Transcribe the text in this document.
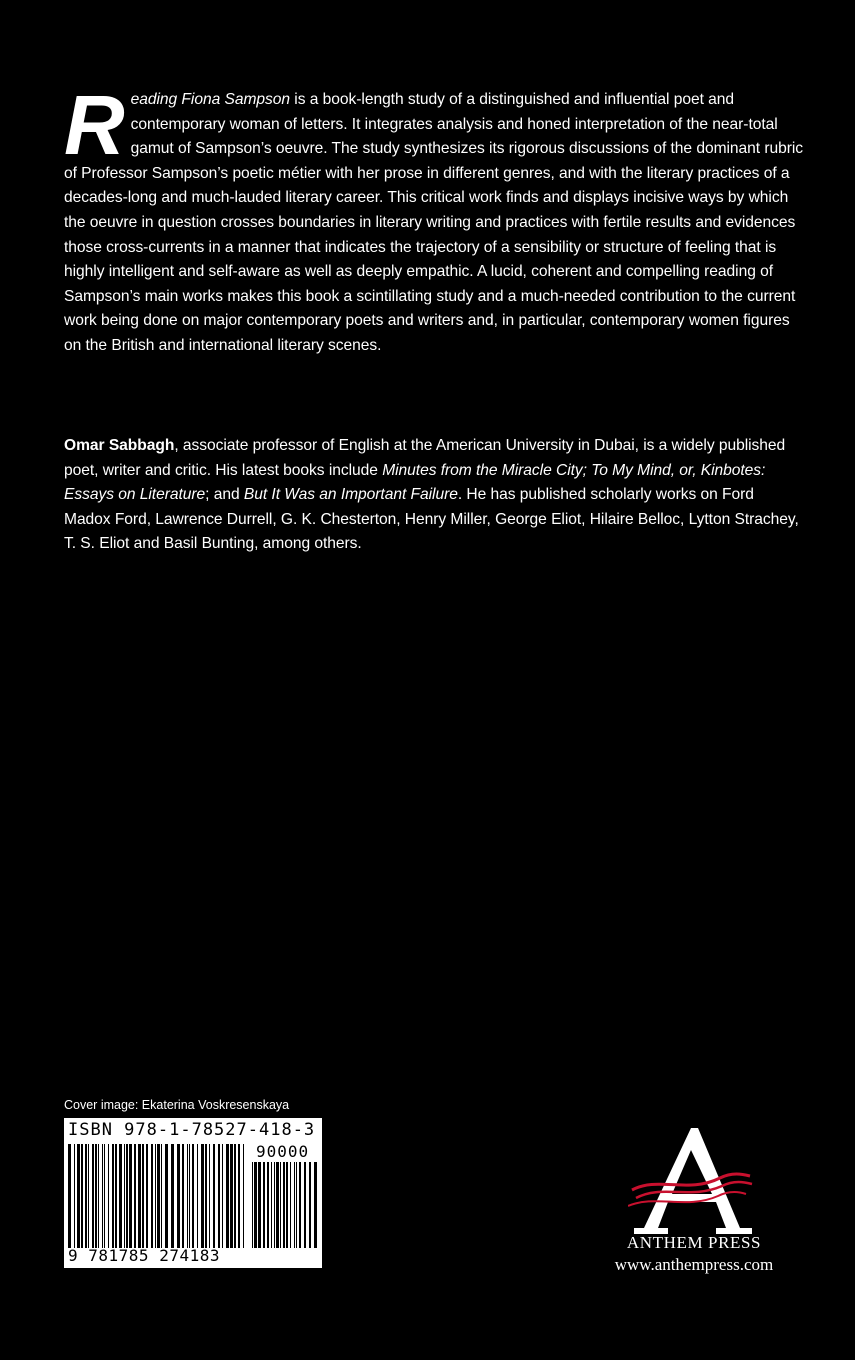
Reading Fiona Sampson is a book-length study of a distinguished and influential poet and contemporary woman of letters. It integrates analysis and honed interpretation of the near-total gamut of Sampson’s oeuvre. The study synthesizes its rigorous discussions of the dominant rubric of Professor Sampson’s poetic métier with her prose in different genres, and with the literary practices of a decades-long and much-lauded literary career. This critical work finds and displays incisive ways by which the oeuvre in question crosses boundaries in literary writing and practices with fertile results and evidences those cross-currents in a manner that indicates the trajectory of a sensibility or structure of feeling that is highly intelligent and self-aware as well as deeply empathic. A lucid, coherent and compelling reading of Sampson’s main works makes this book a scintillating study and a much-needed contribution to the current work being done on major contemporary poets and writers and, in particular, contemporary women figures on the British and international literary scenes.
Omar Sabbagh, associate professor of English at the American University in Dubai, is a widely published poet, writer and critic. His latest books include Minutes from the Miracle City; To My Mind, or, Kinbotes: Essays on Literature; and But It Was an Important Failure. He has published scholarly works on Ford Madox Ford, Lawrence Durrell, G. K. Chesterton, Henry Miller, George Eliot, Hilaire Belloc, Lytton Strachey, T. S. Eliot and Basil Bunting, among others.
Cover image: Ekaterina Voskresenskaya
ISBN 978-1-78527-418-3
90000
9 781785 274183
ANTHEM PRESS
www.anthempress.com
